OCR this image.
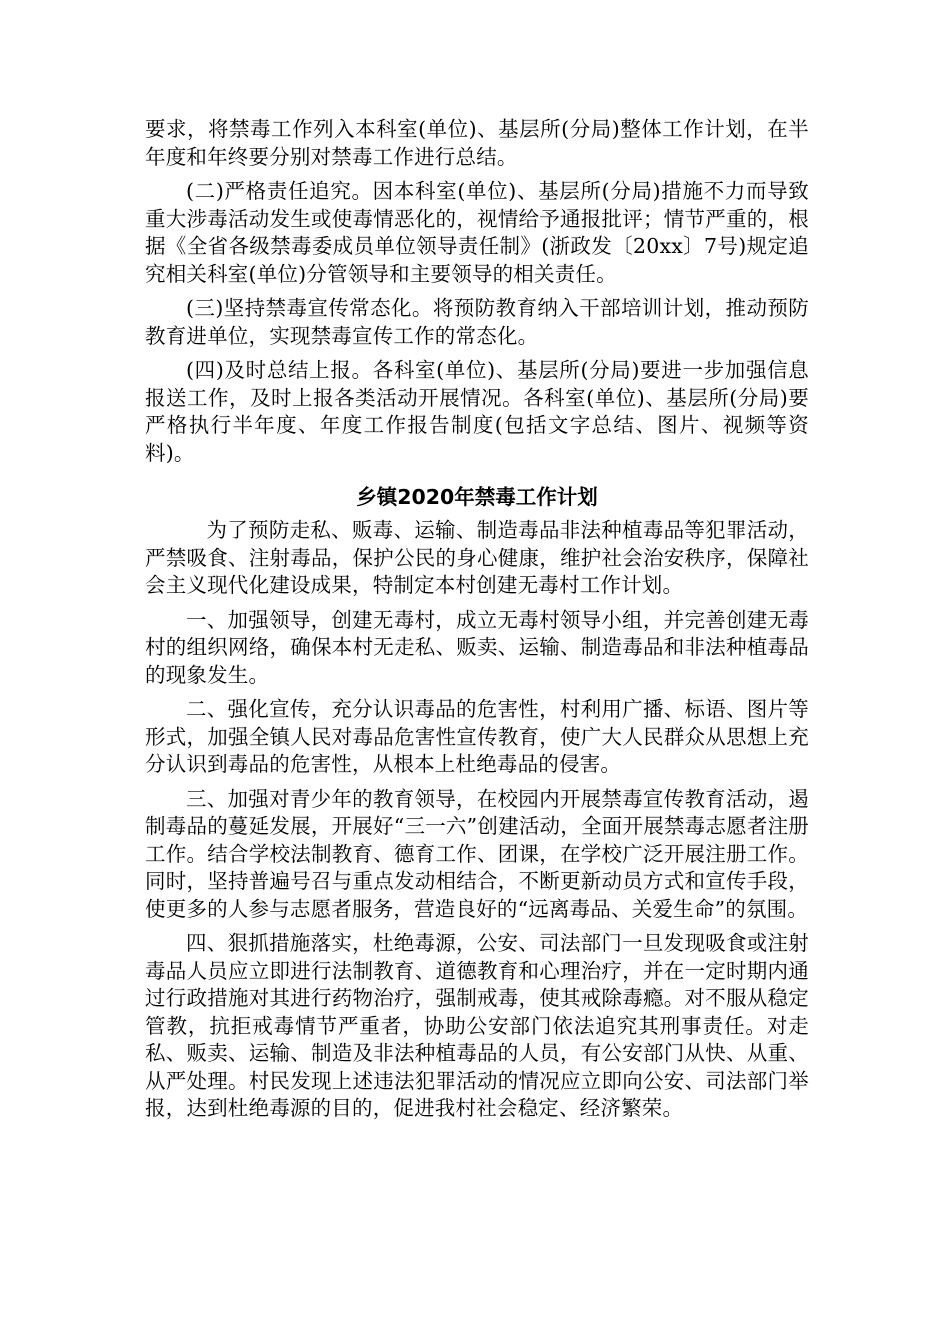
要求，将禁毒工作列入本科室(单位)、基层所(分局)整体工作计划，在半年度和年终要分别对禁毒工作进行总结。

(二)严格责任追究。因本科室(单位)、基层所(分局)措施不力而导致重大涉毒活动发生或使毒情恶化的，视情给予通报批评；情节严重的，根据《全省各级禁毒委成员单位领导责任制》(浙政发〔20xx〕7号)规定追究相关科室(单位)分管领导和主要领导的相关责任。

(三)坚持禁毒宣传常态化。将预防教育纳入干部培训计划，推动预防教育进单位，实现禁毒宣传工作的常态化。

(四)及时总结上报。各科室(单位)、基层所(分局)要进一步加强信息报送工作，及时上报各类活动开展情况。各科室(单位)、基层所(分局)要严格执行半年度、年度工作报告制度(包括文字总结、图片、视频等资料)。

乡镇2020年禁毒工作计划

为了预防走私、贩毒、运输、制造毒品非法种植毒品等犯罪活动，严禁吸食、注射毒品，保护公民的身心健康，维护社会治安秩序，保障社会主义现代化建设成果，特制定本村创建无毒村工作计划。

一、加强领导，创建无毒村，成立无毒村领导小组，并完善创建无毒村的组织网络，确保本村无走私、贩卖、运输、制造毒品和非法种植毒品的现象发生。

二、强化宣传，充分认识毒品的危害性，村利用广播、标语、图片等形式，加强全镇人民对毒品危害性宣传教育，使广大人民群众从思想上充分认识到毒品的危害性，从根本上杜绝毒品的侵害。

三、加强对青少年的教育领导，在校园内开展禁毒宣传教育活动，遏制毒品的蔓延发展，开展好“三一六”创建活动，全面开展禁毒志愿者注册工作。结合学校法制教育、德育工作、团课，在学校广泛开展注册工作。同时，坚持普遍号召与重点发动相结合，不断更新动员方式和宣传手段，使更多的人参与志愿者服务，营造良好的“远离毒品、关爱生命”的氛围。

四、狠抓措施落实，杜绝毒源，公安、司法部门一旦发现吸食或注射毒品人员应立即进行法制教育、道德教育和心理治疗，并在一定时期内通过行政措施对其进行药物治疗，强制戒毒，使其戒除毒瘾。对不服从稳定管教，抗拒戒毒情节严重者，协助公安部门依法追究其刑事责任。对走私、贩卖、运输、制造及非法种植毒品的人员，有公安部门从快、从重、从严处理。村民发现上述违法犯罪活动的情况应立即向公安、司法部门举报，达到杜绝毒源的目的，促进我村社会稳定、经济繁荣。
